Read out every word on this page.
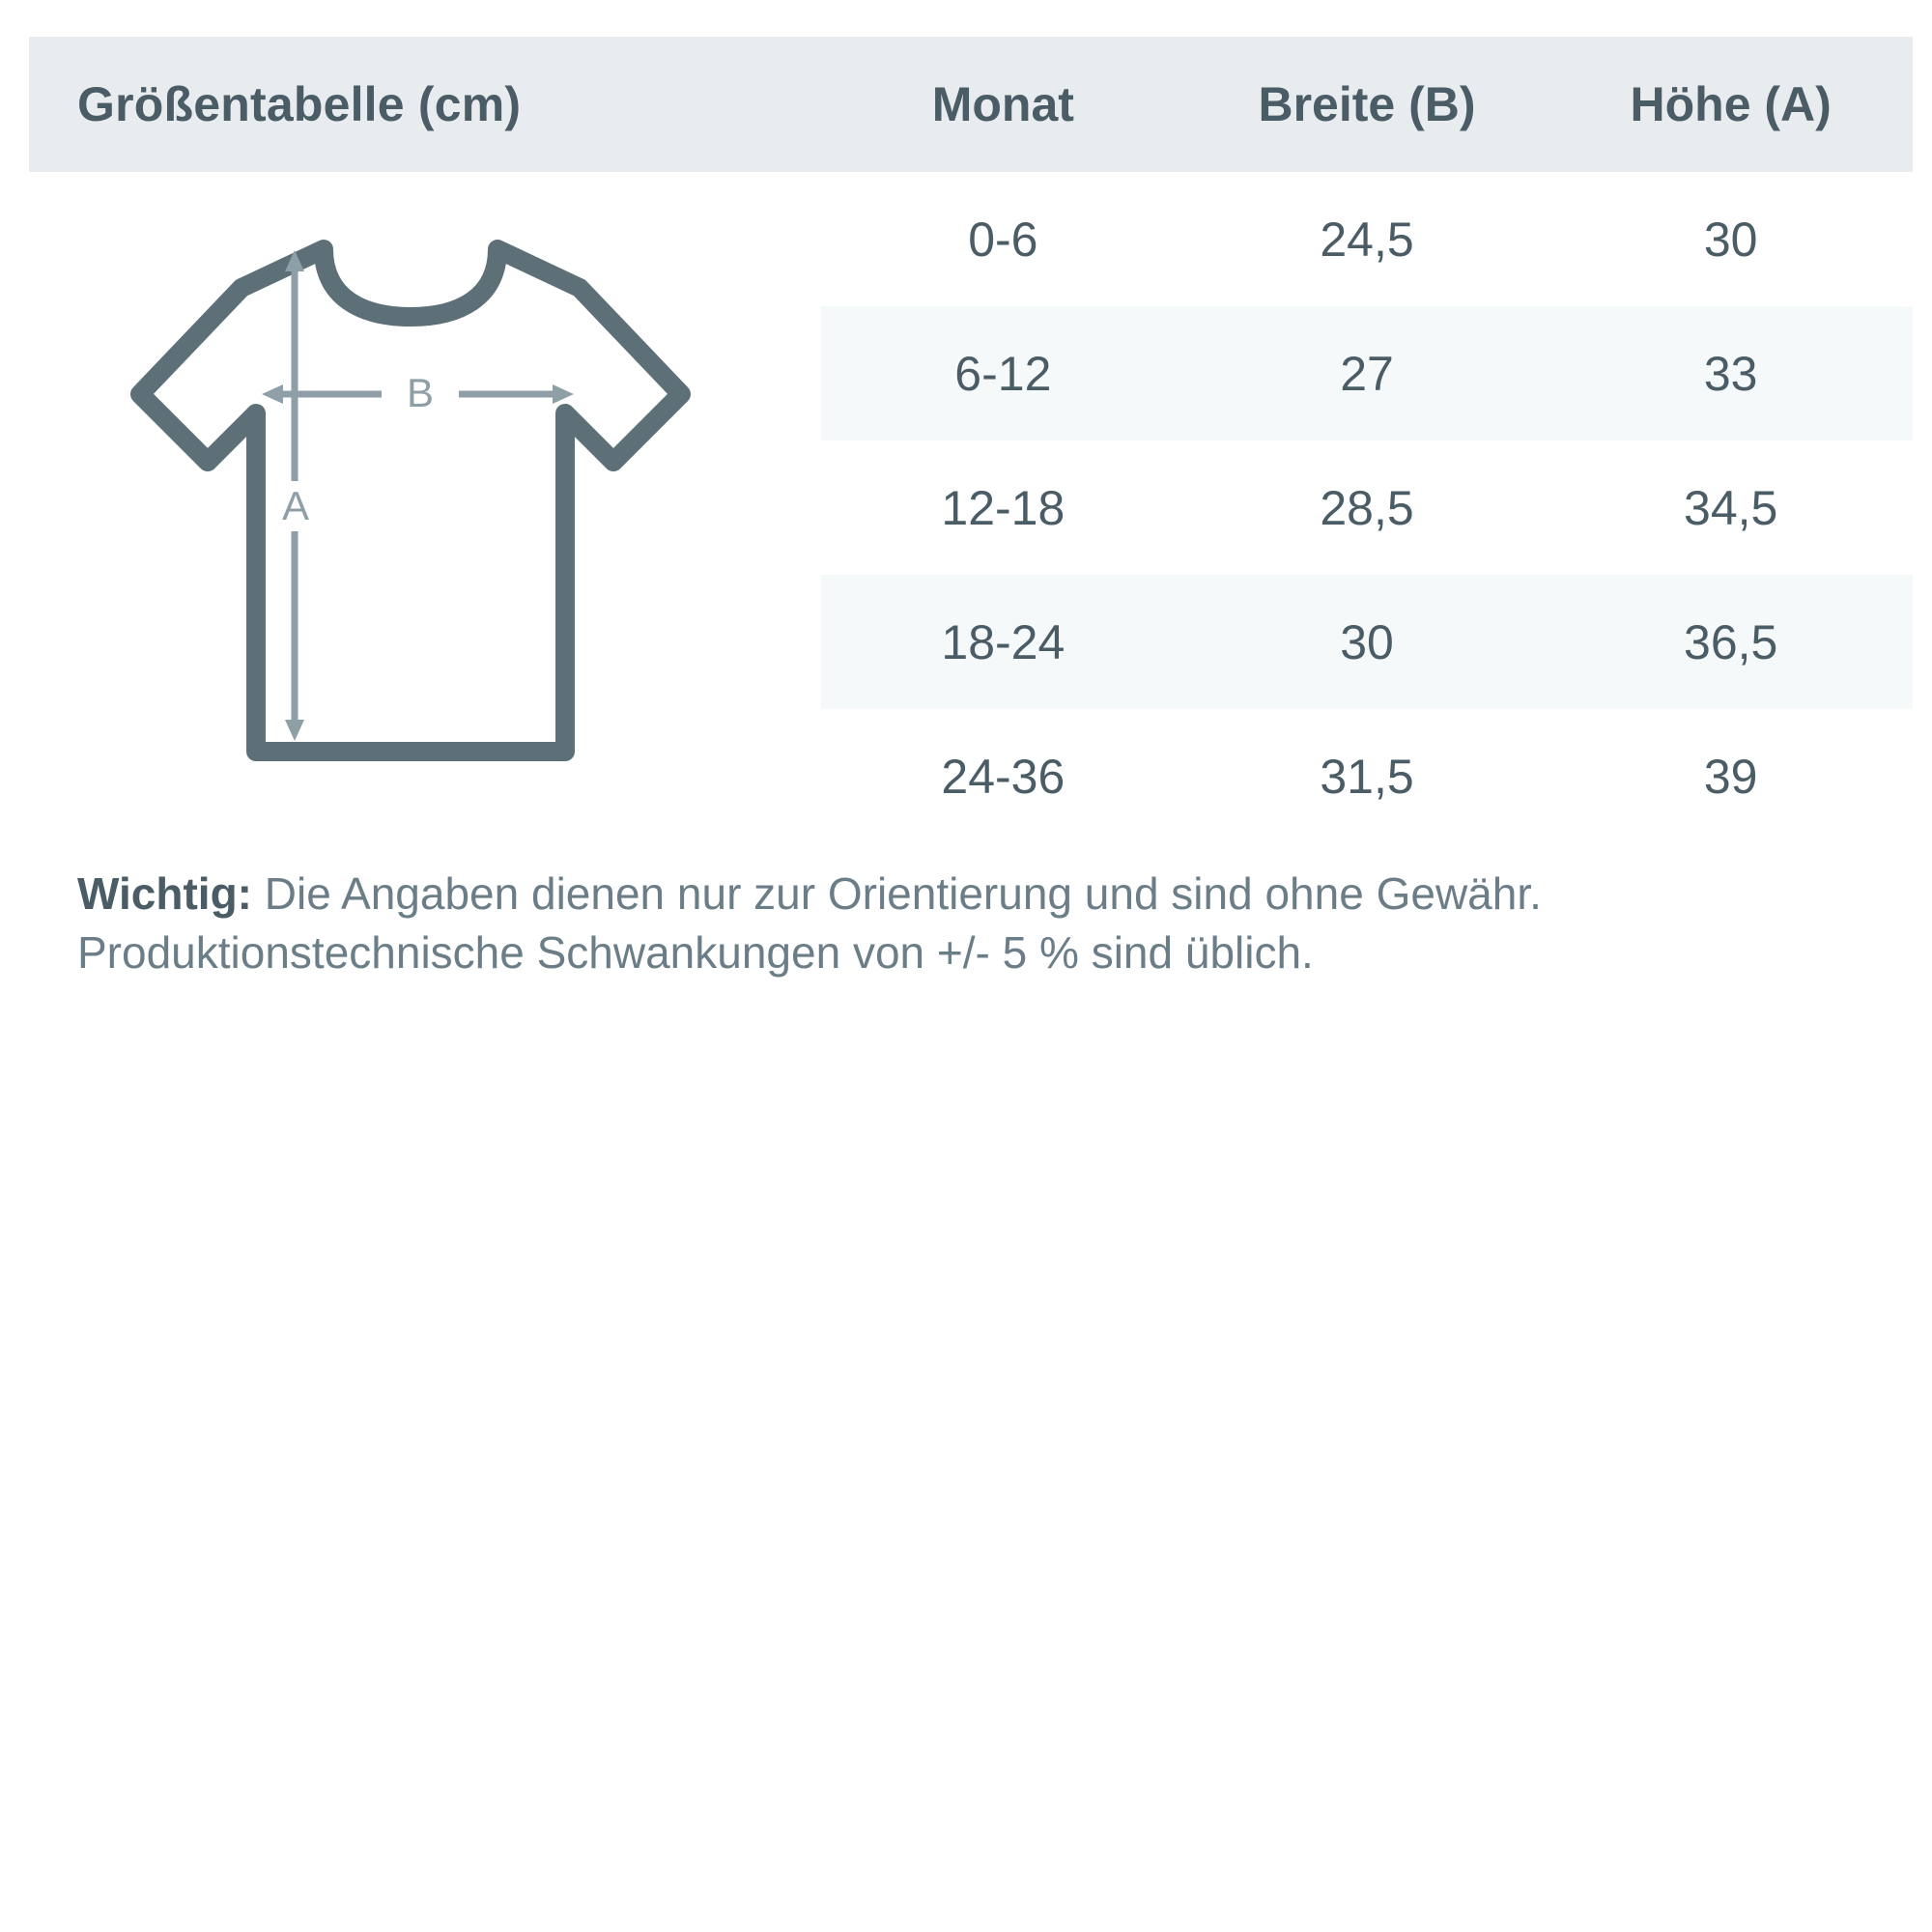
Größentabelle (cm)	Monat	Breite (B)	Höhe (A)
B
A
0-6	24,5	30
6-12	27	33
12-18	28,5	34,5
18-24	30	36,5
24-36	31,5	39
Wichtig: Die Angaben dienen nur zur Orientierung und sind ohne Gewähr. Produktionstechnische Schwankungen von +/- 5 % sind üblich.
